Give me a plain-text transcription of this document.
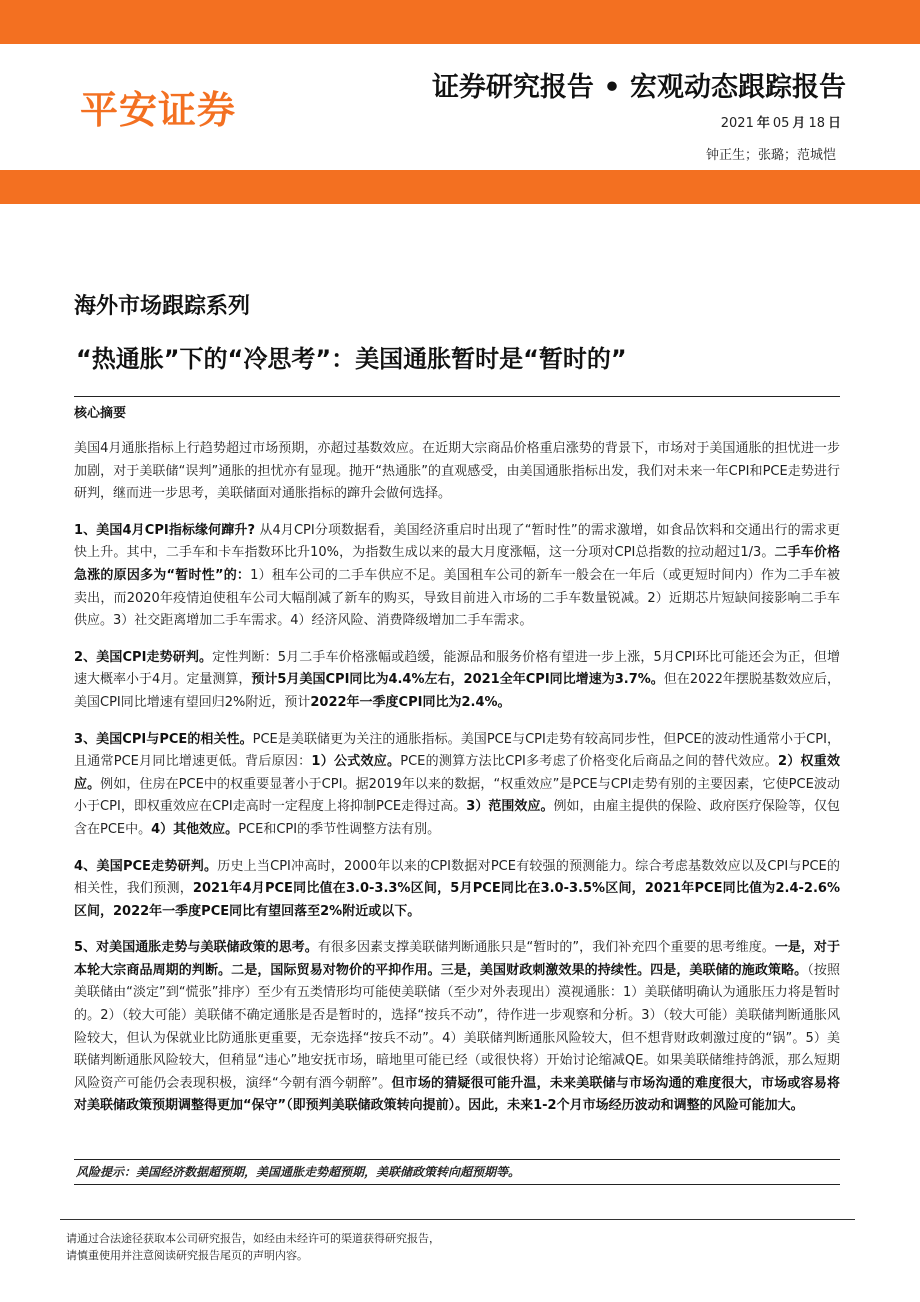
平安证券
证券研究报告 • 宏观动态跟踪报告
2021 年 05 月 18 日
钟正生；张璐；范城恺
海外市场跟踪系列
“热通胀”下的“冷思考”：美国通胀暂时是“暂时的”
核心摘要

美国4月通胀指标上行趋势超过市场预期，亦超过基数效应。在近期大宗商品价格重启涨势的背景下，市场对于美国通胀的担忧进一步加剧，对于美联储“误判”通胀的担忧亦有显现。抛开“热通胀”的直观感受，由美国通胀指标出发，我们对未来一年CPI和PCE走势进行研判，继而进一步思考，美联储面对通胀指标的蹿升会做何选择。

1、美国4月CPI指标缘何蹿升? 从4月CPI分项数据看，美国经济重启时出现了“暂时性”的需求激增，如食品饮料和交通出行的需求更快上升。其中，二手车和卡车指数环比升10%，为指数生成以来的最大月度涨幅，这一分项对CPI总指数的拉动超过1/3。二手车价格急涨的原因多为“暂时性”的：1）租车公司的二手车供应不足。美国租车公司的新车一般会在一年后（或更短时间内）作为二手车被卖出，而2020年疫情迫使租车公司大幅削减了新车的购买，导致目前进入市场的二手车数量锐减。2）近期芯片短缺间接影响二手车供应。3）社交距离增加二手车需求。4）经济风险、消费降级增加二手车需求。

2、美国CPI走势研判。定性判断：5月二手车价格涨幅或趋缓，能源品和服务价格有望进一步上涨，5月CPI环比可能还会为正，但增速大概率小于4月。定量测算，预计5月美国CPI同比为4.4%左右，2021全年CPI同比增速为3.7%。但在2022年摆脱基数效应后，美国CPI同比增速有望回归2%附近，预计2022年一季度CPI同比为2.4%。

3、美国CPI与PCE的相关性。PCE是美联储更为关注的通胀指标。美国PCE与CPI走势有较高同步性，但PCE的波动性通常小于CPI，且通常PCE月同比增速更低。背后原因：1）公式效应。PCE的测算方法比CPI多考虑了价格变化后商品之间的替代效应。2）权重效应。例如，住房在PCE中的权重要显著小于CPI。据2019年以来的数据，“权重效应”是PCE与CPI走势有别的主要因素，它使PCE波动小于CPI，即权重效应在CPI走高时一定程度上将抑制PCE走得过高。3）范围效应。例如，由雇主提供的保险、政府医疗保险等，仅包含在PCE中。4）其他效应。PCE和CPI的季节性调整方法有別。

4、美国PCE走势研判。历史上当CPI冲高时，2000年以来的CPI数据对PCE有较强的预测能力。综合考虑基数效应以及CPI与PCE的相关性，我们预测，2021年4月PCE同比值在3.0-3.3%区间，5月PCE同比在3.0-3.5%区间，2021年PCE同比值为2.4-2.6%区间，2022年一季度PCE同比有望回落至2%附近或以下。

5、对美国通胀走势与美联储政策的思考。有很多因素支撑美联储判断通胀只是“暂时的”，我们补充四个重要的思考维度。一是，对于本轮大宗商品周期的判断。二是，国际贸易对物价的平抑作用。三是，美国财政刺激效果的持续性。四是，美联储的施政策略。（按照美联储由“淡定”到“慌张”排序）至少有五类情形均可能使美联储（至少对外表现出）漠视通胀：1）美联储明确认为通胀压力将是暂时的。2）（较大可能）美联储不确定通胀是否是暂时的，选择“按兵不动”，待作进一步观察和分析。3）（较大可能）美联储判断通胀风险较大，但认为保就业比防通胀更重要，无奈选择“按兵不动”。4）美联储判断通胀风险较大，但不想背财政刺激过度的“锅”。5）美联储判断通胀风险较大，但稍显“违心”地安抚市场，暗地里可能已经（或很快将）开始讨论缩减QE。如果美联储维持鸽派，那么短期风险资产可能仍会表现积极，演绎“今朝有酒今朝醉”。但市场的猜疑很可能升温，未来美联储与市场沟通的难度很大，市场或容易将对美联储政策预期调整得更加“保守”（即预判美联储政策转向提前）。因此，未来1-2个月市场经历波动和调整的风险可能加大。

风险提示：美国经济数据超预期，美国通胀走势超预期，美联储政策转向超预期等。
请通过合法途径获取本公司研究报告，如经由未经许可的渠道获得研究报告，
请慎重使用并注意阅读研究报告尾页的声明内容。
